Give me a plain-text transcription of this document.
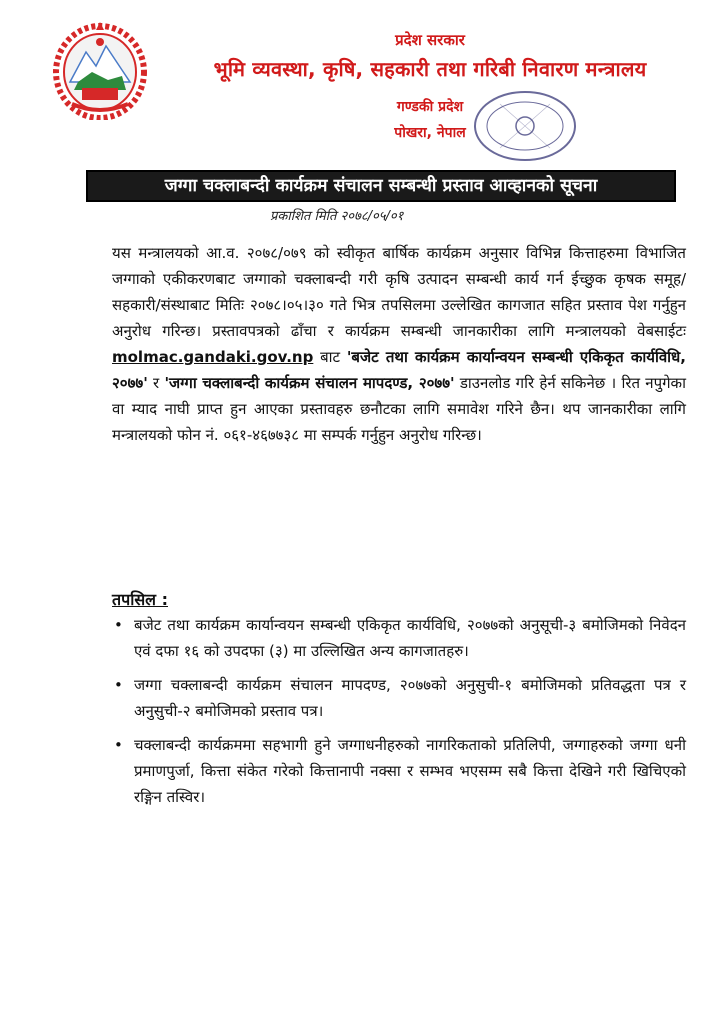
प्रदेश सरकार
भूमि व्यवस्था, कृषि, सहकारी तथा गरिबी निवारण मन्त्रालय
गण्डकी प्रदेश
पोखरा, नेपाल
जग्गा चक्लाबन्दी कार्यक्रम संचालन सम्बन्धी प्रस्ताव आव्हानको सूचना
प्रकाशित मिति २०७८/०५/०१
यस मन्त्रालयको आ.व. २०७८/०७९ को स्वीकृत बार्षिक कार्यक्रम अनुसार विभिन्न कित्ताहरुमा विभाजित जग्गाको एकीकरणबाट जग्गाको चक्लाबन्दी गरी कृषि उत्पादन सम्बन्धी कार्य गर्न ईच्छुक कृषक समूह/सहकारी/संस्थाबाट मितिः २०७८।०५।३० गते भित्र तपसिलमा उल्लेखित कागजात सहित प्रस्ताव पेश गर्नुहुन अनुरोध गरिन्छ। प्रस्तावपत्रको ढाँचा र कार्यक्रम सम्बन्धी जानकारीका लागि मन्त्रालयको वेबसाईटः molmac.gandaki.gov.np बाट 'बजेट तथा कार्यक्रम कार्यान्वयन सम्बन्धी एकिकृत कार्यविधि, २०७७' र 'जग्गा चक्लाबन्दी कार्यक्रम संचालन मापदण्ड, २०७७' डाउनलोड गरि हेर्न सकिनेछ । रित नपुगेका वा म्याद नाघी प्राप्त हुन आएका प्रस्तावहरु छनौटका लागि समावेश गरिने छैन। थप जानकारीका लागि मन्त्रालयको फोन नं. ०६१-४६७७३८ मा सम्पर्क गर्नुहुन अनुरोध गरिन्छ।
तपसिल :
• बजेट तथा कार्यक्रम कार्यान्वयन सम्बन्धी एकिकृत कार्यविधि, २०७७को अनुसूची-३ बमोजिमको निवेदन एवं दफा १६ को उपदफा (३) मा उल्लिखित अन्य कागजातहरु।
• जग्गा चक्लाबन्दी कार्यक्रम संचालन मापदण्ड, २०७७को अनुसुची-१ बमोजिमको प्रतिवद्धता पत्र र अनुसुची-२ बमोजिमको प्रस्ताव पत्र।
• चक्लाबन्दी कार्यक्रममा सहभागी हुने जग्गाधनीहरुको नागरिकताको प्रतिलिपी, जग्गाहरुको जग्गा धनी प्रमाणपुर्जा, कित्ता संकेत गरेको कित्तानापी नक्सा र सम्भव भएसम्म सबै कित्ता देखिने गरी खिचिएको रङ्गिन तस्विर।
